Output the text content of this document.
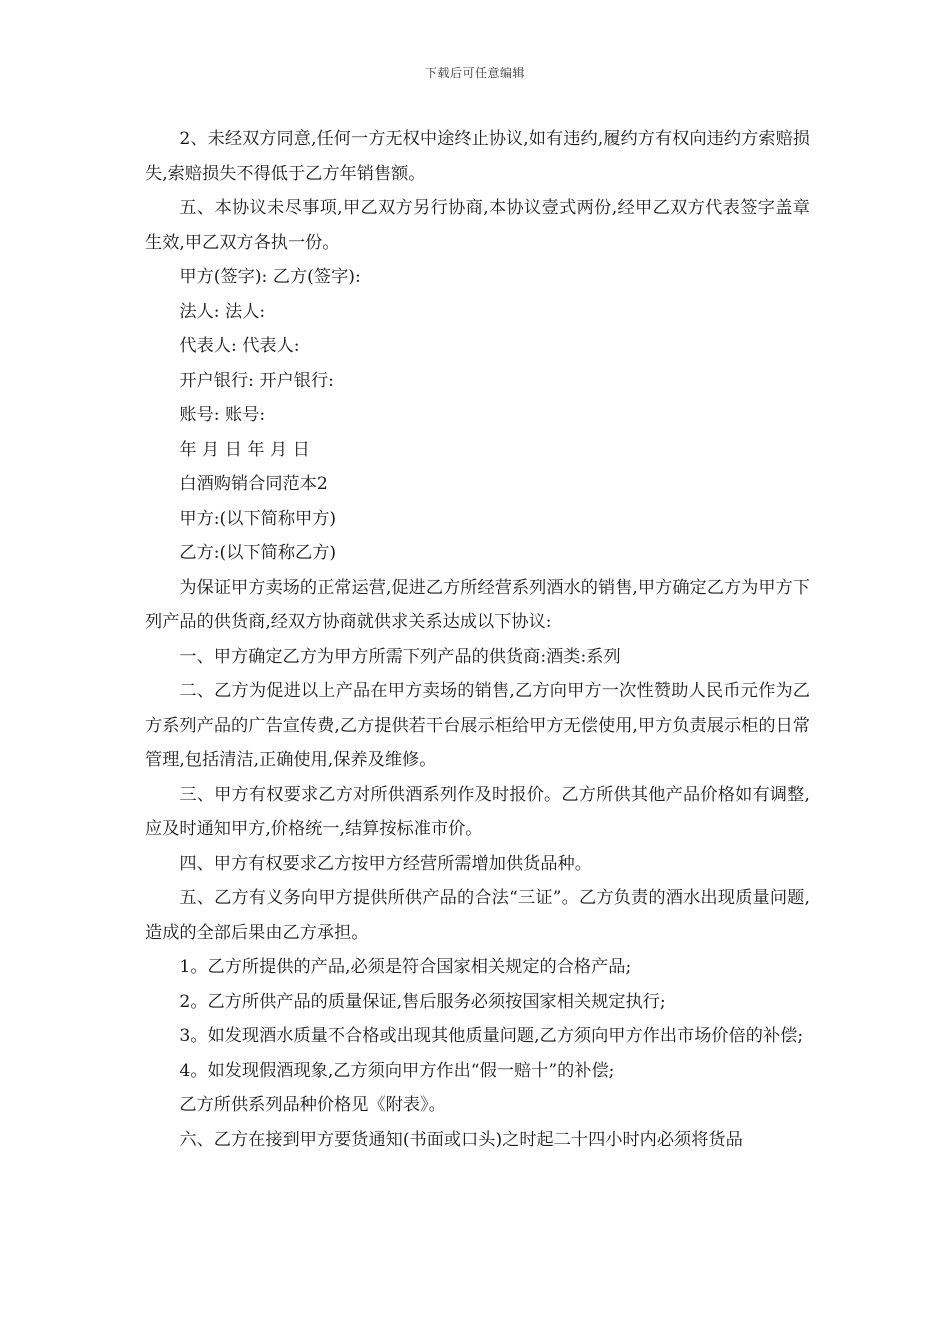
下载后可任意编辑

2、未经双方同意,任何一方无权中途终止协议,如有违约,履约方有权向违约方索赔损失,索赔损失不得低于乙方年销售额。

五、本协议未尽事项,甲乙双方另行协商,本协议壹式两份,经甲乙双方代表签字盖章生效,甲乙双方各执一份。

甲方(签字): 乙方(签字):

法人: 法人:

代表人: 代表人:

开户银行: 开户银行:

账号: 账号:

年 月 日 年 月 日

白酒购销合同范本2

甲方:(以下简称甲方)

乙方:(以下简称乙方)

为保证甲方卖场的正常运营,促进乙方所经营系列酒水的销售,甲方确定乙方为甲方下列产品的供货商,经双方协商就供求关系达成以下协议:

一、甲方确定乙方为甲方所需下列产品的供货商:酒类:系列

二、乙方为促进以上产品在甲方卖场的销售,乙方向甲方一次性赞助人民币元作为乙方系列产品的广告宣传费,乙方提供若干台展示柜给甲方无偿使用,甲方负责展示柜的日常管理,包括清洁,正确使用,保养及维修。

三、甲方有权要求乙方对所供酒系列作及时报价。乙方所供其他产品价格如有调整,应及时通知甲方,价格统一,结算按标准市价。

四、甲方有权要求乙方按甲方经营所需增加供货品种。

五、乙方有义务向甲方提供所供产品的合法“三证”。乙方负责的酒水出现质量问题,造成的全部后果由乙方承担。

1。乙方所提供的产品,必须是符合国家相关规定的合格产品;

2。乙方所供产品的质量保证,售后服务必须按国家相关规定执行;

3。如发现酒水质量不合格或出现其他质量问题,乙方须向甲方作出市场价倍的补偿;

4。如发现假酒现象,乙方须向甲方作出“假一赔十”的补偿;

乙方所供系列品种价格见《附表》。

六、乙方在接到甲方要货通知(书面或口头)之时起二十四小时内必须将货品
